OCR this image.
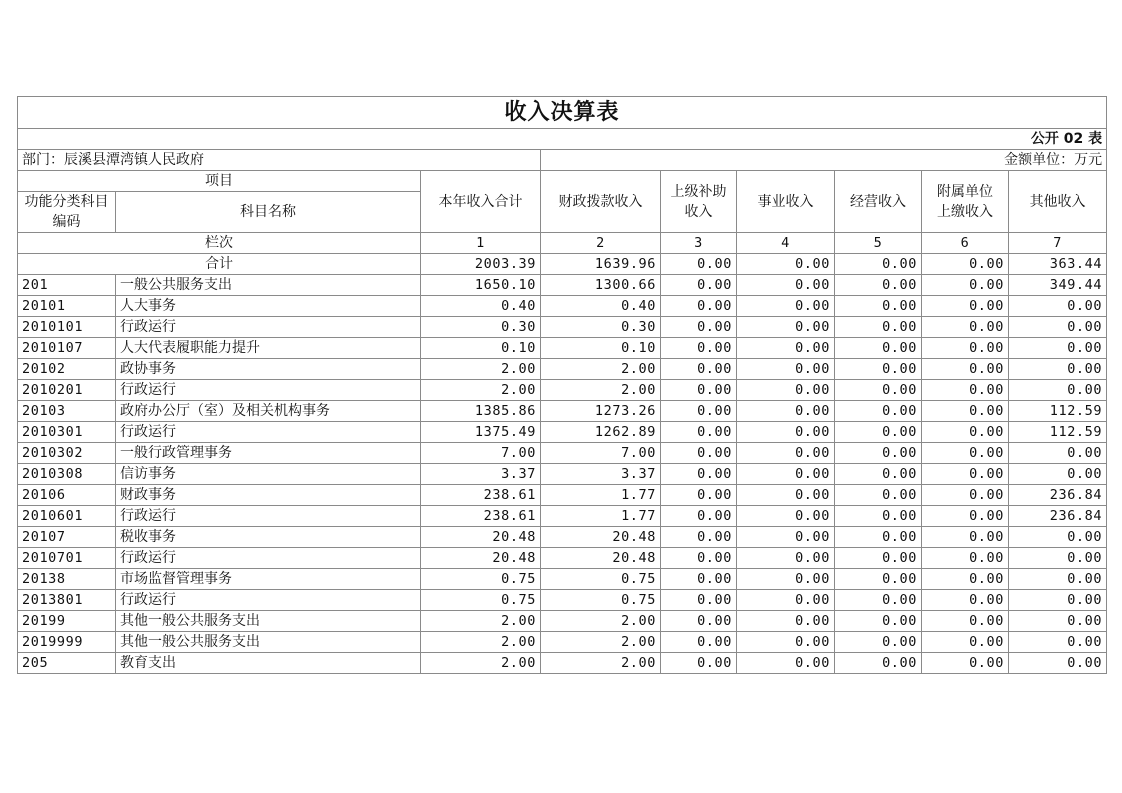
收入决算表								
公开 02 表								
部门：辰溪县潭湾镇人民政府			金额单位：万元					
项目		本年收入合计	财政拨款收入	上级补助收入	事业收入	经营收入	附属单位上缴收入	其他收入
功能分类科目编码	科目名称							
栏次		1	2	3	4	5	6	7
合计		2003.39	1639.96	0.00	0.00	0.00	0.00	363.44
201	一般公共服务支出	1650.10	1300.66	0.00	0.00	0.00	0.00	349.44
20101	人大事务	0.40	0.40	0.00	0.00	0.00	0.00	0.00
2010101	行政运行	0.30	0.30	0.00	0.00	0.00	0.00	0.00
2010107	人大代表履职能力提升	0.10	0.10	0.00	0.00	0.00	0.00	0.00
20102	政协事务	2.00	2.00	0.00	0.00	0.00	0.00	0.00
2010201	行政运行	2.00	2.00	0.00	0.00	0.00	0.00	0.00
20103	政府办公厅（室）及相关机构事务	1385.86	1273.26	0.00	0.00	0.00	0.00	112.59
2010301	行政运行	1375.49	1262.89	0.00	0.00	0.00	0.00	112.59
2010302	一般行政管理事务	7.00	7.00	0.00	0.00	0.00	0.00	0.00
2010308	信访事务	3.37	3.37	0.00	0.00	0.00	0.00	0.00
20106	财政事务	238.61	1.77	0.00	0.00	0.00	0.00	236.84
2010601	行政运行	238.61	1.77	0.00	0.00	0.00	0.00	236.84
20107	税收事务	20.48	20.48	0.00	0.00	0.00	0.00	0.00
2010701	行政运行	20.48	20.48	0.00	0.00	0.00	0.00	0.00
20138	市场监督管理事务	0.75	0.75	0.00	0.00	0.00	0.00	0.00
2013801	行政运行	0.75	0.75	0.00	0.00	0.00	0.00	0.00
20199	其他一般公共服务支出	2.00	2.00	0.00	0.00	0.00	0.00	0.00
2019999	其他一般公共服务支出	2.00	2.00	0.00	0.00	0.00	0.00	0.00
205	教育支出	2.00	2.00	0.00	0.00	0.00	0.00	0.00
